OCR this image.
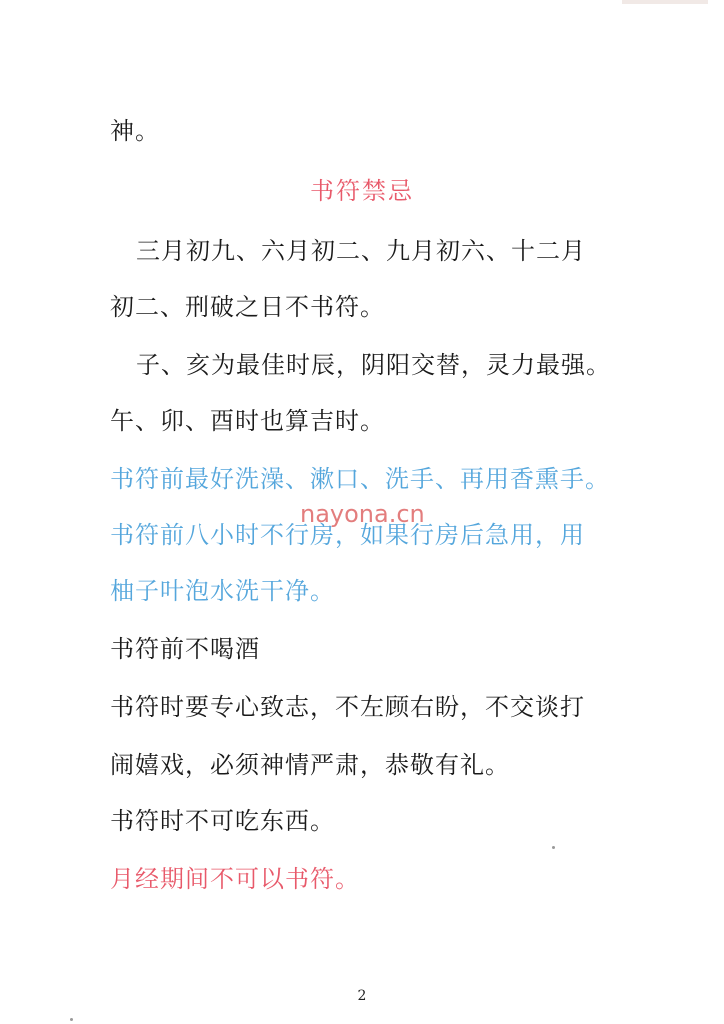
神。
书符禁忌
三月初九、六月初二、九月初六、十二月
初二、刑破之日不书符。
子、亥为最佳时辰，阴阳交替，灵力最强。
午、卯、酉时也算吉时。
书符前最好洗澡、漱口、洗手、再用香熏手。
书符前八小时不行房，如果行房后急用，用
柚子叶泡水洗干净。
书符前不喝酒
书符时要专心致志，不左顾右盼，不交谈打
闹嬉戏，必须神情严肃，恭敬有礼。
书符时不可吃东西。
月经期间不可以书符。
nayona.cn
2
